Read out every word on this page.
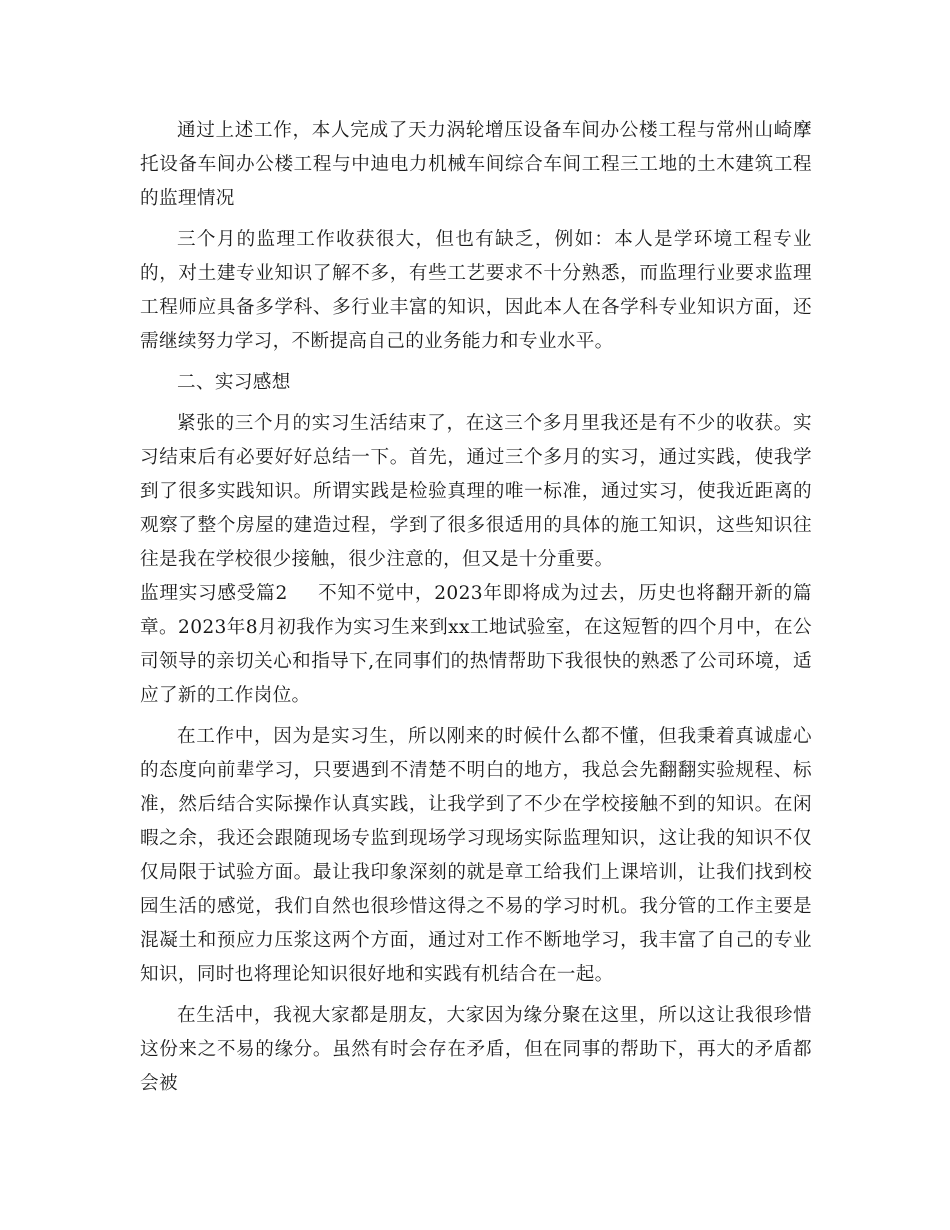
通过上述工作，本人完成了天力涡轮增压设备车间办公楼工程与常州山崎摩托设备车间办公楼工程与中迪电力机械车间综合车间工程三工地的土木建筑工程的监理情况

三个月的监理工作收获很大，但也有缺乏，例如：本人是学环境工程专业的，对土建专业知识了解不多，有些工艺要求不十分熟悉，而监理行业要求监理工程师应具备多学科、多行业丰富的知识，因此本人在各学科专业知识方面，还需继续努力学习，不断提高自己的业务能力和专业水平。

二、实习感想

紧张的三个月的实习生活结束了，在这三个多月里我还是有不少的收获。实习结束后有必要好好总结一下。首先，通过三个多月的实习，通过实践，使我学到了很多实践知识。所谓实践是检验真理的唯一标准，通过实习，使我近距离的观察了整个房屋的建造过程，学到了很多很适用的具体的施工知识，这些知识往往是我在学校很少接触，很少注意的，但又是十分重要。

监理实习感受篇2 不知不觉中，2023年即将成为过去，历史也将翻开新的篇章。2023年8月初我作为实习生来到xx工地试验室，在这短暂的四个月中，在公司领导的亲切关心和指导下,在同事们的热情帮助下我很快的熟悉了公司环境，适应了新的工作岗位。

在工作中，因为是实习生，所以刚来的时候什么都不懂，但我秉着真诚虚心的态度向前辈学习，只要遇到不清楚不明白的地方，我总会先翻翻实验规程、标准，然后结合实际操作认真实践，让我学到了不少在学校接触不到的知识。在闲暇之余，我还会跟随现场专监到现场学习现场实际监理知识，这让我的知识不仅仅局限于试验方面。最让我印象深刻的就是章工给我们上课培训，让我们找到校园生活的感觉，我们自然也很珍惜这得之不易的学习时机。我分管的工作主要是混凝土和预应力压浆这两个方面，通过对工作不断地学习，我丰富了自己的专业知识，同时也将理论知识很好地和实践有机结合在一起。

在生活中，我视大家都是朋友，大家因为缘分聚在这里，所以这让我很珍惜这份来之不易的缘分。虽然有时会存在矛盾，但在同事的帮助下，再大的矛盾都会被
